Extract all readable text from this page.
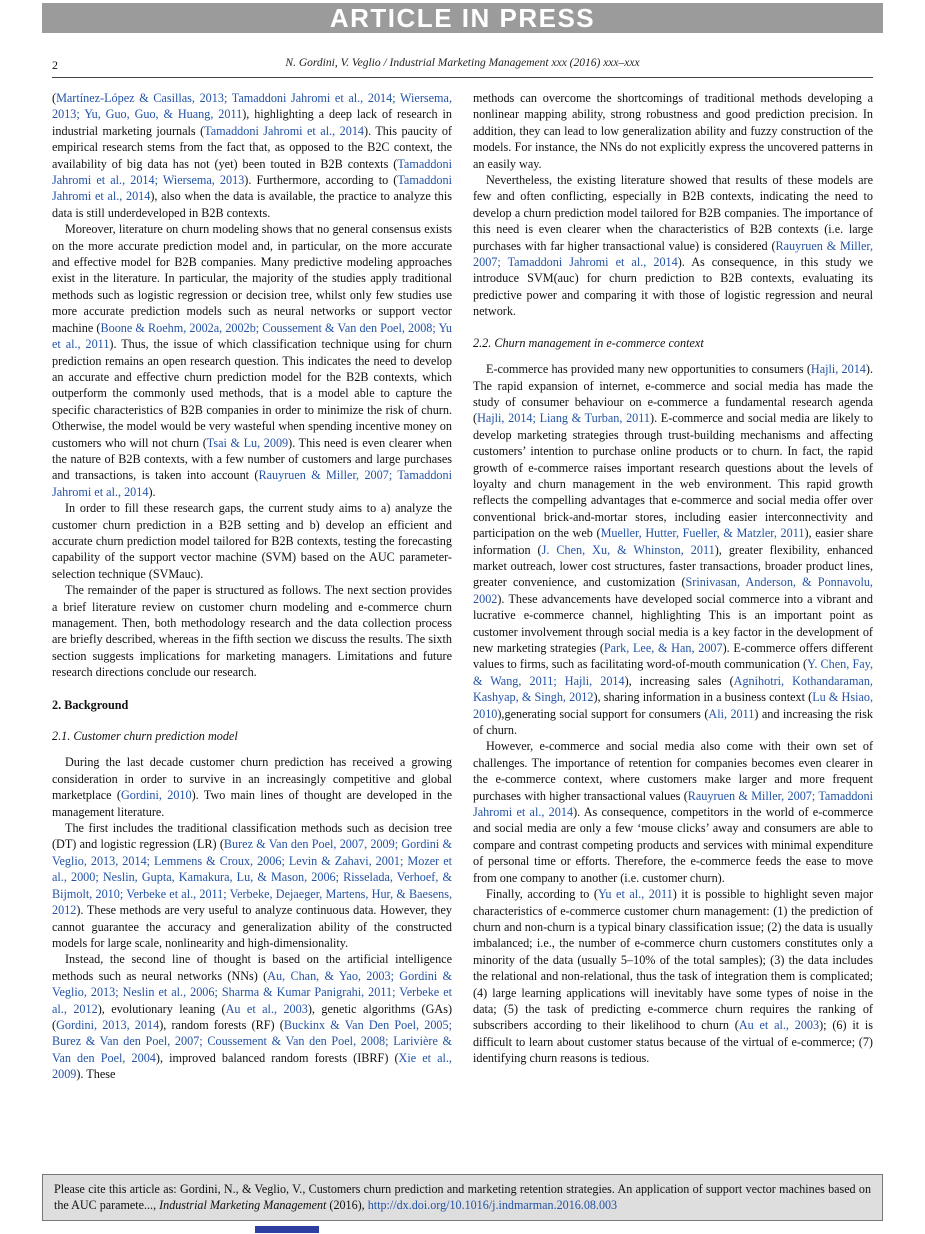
ARTICLE IN PRESS
2	N. Gordini, V. Veglio / Industrial Marketing Management xxx (2016) xxx–xxx

(Martínez-López & Casillas, 2013; Tamaddoni Jahromi et al., 2014; Wiersema, 2013; Yu, Guo, Guo, & Huang, 2011), highlighting a deep lack of research in industrial marketing journals (Tamaddoni Jahromi et al., 2014). This paucity of empirical research stems from the fact that, as opposed to the B2C context, the availability of big data has not (yet) been touted in B2B contexts (Tamaddoni Jahromi et al., 2014; Wiersema, 2013). Furthermore, according to (Tamaddoni Jahromi et al., 2014), also when the data is available, the practice to analyze this data is still underdeveloped in B2B contexts.

Moreover, literature on churn modeling shows that no general consensus exists on the more accurate prediction model and, in particular, on the more accurate and effective model for B2B companies. Many predictive modeling approaches exist in the literature. In particular, the majority of the studies apply traditional methods such as logistic regression or decision tree, whilst only few studies use more accurate prediction models such as neural networks or support vector machine (Boone & Roehm, 2002a, 2002b; Coussement & Van den Poel, 2008; Yu et al., 2011). Thus, the issue of which classification technique using for churn prediction remains an open research question. This indicates the need to develop an accurate and effective churn prediction model for the B2B contexts, which outperform the commonly used methods, that is a model able to capture the specific characteristics of B2B companies in order to minimize the risk of churn. Otherwise, the model would be very wasteful when spending incentive money on customers who will not churn (Tsai & Lu, 2009). This need is even clearer when the nature of B2B contexts, with a few number of customers and large purchases and transactions, is taken into account (Rauyruen & Miller, 2007; Tamaddoni Jahromi et al., 2014).

In order to fill these research gaps, the current study aims to a) analyze the customer churn prediction in a B2B setting and b) develop an efficient and accurate churn prediction model tailored for B2B contexts, testing the forecasting capability of the support vector machine (SVM) based on the AUC parameter-selection technique (SVMauc).

The remainder of the paper is structured as follows. The next section provides a brief literature review on customer churn modeling and e-commerce churn management. Then, both methodology research and the data collection process are briefly described, whereas in the fifth section we discuss the results. The sixth section suggests implications for marketing managers. Limitations and future research directions conclude our research.

2. Background
2.1. Customer churn prediction model

During the last decade customer churn prediction has received a growing consideration in order to survive in an increasingly competitive and global marketplace (Gordini, 2010). Two main lines of thought are developed in the management literature.

The first includes the traditional classification methods such as decision tree (DT) and logistic regression (LR) (Burez & Van den Poel, 2007, 2009; Gordini & Veglio, 2013, 2014; Lemmens & Croux, 2006; Levin & Zahavi, 2001; Mozer et al., 2000; Neslin, Gupta, Kamakura, Lu, & Mason, 2006; Risselada, Verhoef, & Bijmolt, 2010; Verbeke et al., 2011; Verbeke, Dejaeger, Martens, Hur, & Baesens, 2012). These methods are very useful to analyze continuous data. However, they cannot guarantee the accuracy and generalization ability of the constructed models for large scale, nonlinearity and high-dimensionality.

Instead, the second line of thought is based on the artificial intelligence methods such as neural networks (NNs) (Au, Chan, & Yao, 2003; Gordini & Veglio, 2013; Neslin et al., 2006; Sharma & Kumar Panigrahi, 2011; Verbeke et al., 2012), evolutionary leaning (Au et al., 2003), genetic algorithms (GAs) (Gordini, 2013, 2014), random forests (RF) (Buckinx & Van Den Poel, 2005; Burez & Van den Poel, 2007; Coussement & Van den Poel, 2008; Larivière & Van den Poel, 2004), improved balanced random forests (IBRF) (Xie et al., 2009). These

methods can overcome the shortcomings of traditional methods developing a nonlinear mapping ability, strong robustness and good prediction precision. In addition, they can lead to low generalization ability and fuzzy construction of the models. For instance, the NNs do not explicitly express the uncovered patterns in an easily way.

Nevertheless, the existing literature showed that results of these models are few and often conflicting, especially in B2B contexts, indicating the need to develop a churn prediction model tailored for B2B companies. The importance of this need is even clearer when the characteristics of B2B contexts (i.e. large purchases with far higher transactional value) is considered (Rauyruen & Miller, 2007; Tamaddoni Jahromi et al., 2014). As consequence, in this study we introduce SVM(auc) for churn prediction to B2B contexts, evaluating its predictive power and comparing it with those of logistic regression and neural network.

2.2. Churn management in e-commerce context

E-commerce has provided many new opportunities to consumers (Hajli, 2014). The rapid expansion of internet, e-commerce and social media has made the study of consumer behaviour on e-commerce a fundamental research agenda (Hajli, 2014; Liang & Turban, 2011). E-commerce and social media are likely to develop marketing strategies through trust-building mechanisms and affecting customers’ intention to purchase online products or to churn. In fact, the rapid growth of e-commerce raises important research questions about the levels of loyalty and churn management in the web environment. This rapid growth reflects the compelling advantages that e-commerce and social media offer over conventional brick-and-mortar stores, including easier interconnectivity and participation on the web (Mueller, Hutter, Fueller, & Matzler, 2011), easier share information (J. Chen, Xu, & Whinston, 2011), greater flexibility, enhanced market outreach, lower cost structures, faster transactions, broader product lines, greater convenience, and customization (Srinivasan, Anderson, & Ponnavolu, 2002). These advancements have developed social commerce into a vibrant and lucrative e-commerce channel, highlighting This is an important point as customer involvement through social media is a key factor in the development of new marketing strategies (Park, Lee, & Han, 2007). E-commerce offers different values to firms, such as facilitating word-of-mouth communication (Y. Chen, Fay, & Wang, 2011; Hajli, 2014), increasing sales (Agnihotri, Kothandaraman, Kashyap, & Singh, 2012), sharing information in a business context (Lu & Hsiao, 2010),generating social support for consumers (Ali, 2011) and increasing the risk of churn.

However, e-commerce and social media also come with their own set of challenges. The importance of retention for companies becomes even clearer in the e-commerce context, where customers make larger and more frequent purchases with higher transactional values (Rauyruen & Miller, 2007; Tamaddoni Jahromi et al., 2014). As consequence, competitors in the world of e-commerce and social media are only a few ‘mouse clicks’ away and consumers are able to compare and contrast competing products and services with minimal expenditure of personal time or efforts. Therefore, the e-commerce feeds the ease to move from one company to another (i.e. customer churn).

Finally, according to (Yu et al., 2011) it is possible to highlight seven major characteristics of e-commerce customer churn management: (1) the prediction of churn and non-churn is a typical binary classification issue; (2) the data is usually imbalanced; i.e., the number of e-commerce churn customers constitutes only a minority of the data (usually 5–10% of the total samples); (3) the data includes the relational and non-relational, thus the task of integration them is complicated; (4) large learning applications will inevitably have some types of noise in the data; (5) the task of predicting e-commerce churn requires the ranking of subscribers according to their likelihood to churn (Au et al., 2003); (6) it is difficult to learn about customer status because of the virtual of e-commerce; (7) identifying churn reasons is tedious.

Please cite this article as: Gordini, N., & Veglio, V., Customers churn prediction and marketing retention strategies. An application of support vector machines based on the AUC paramete..., Industrial Marketing Management (2016), http://dx.doi.org/10.1016/j.indmarman.2016.08.003
